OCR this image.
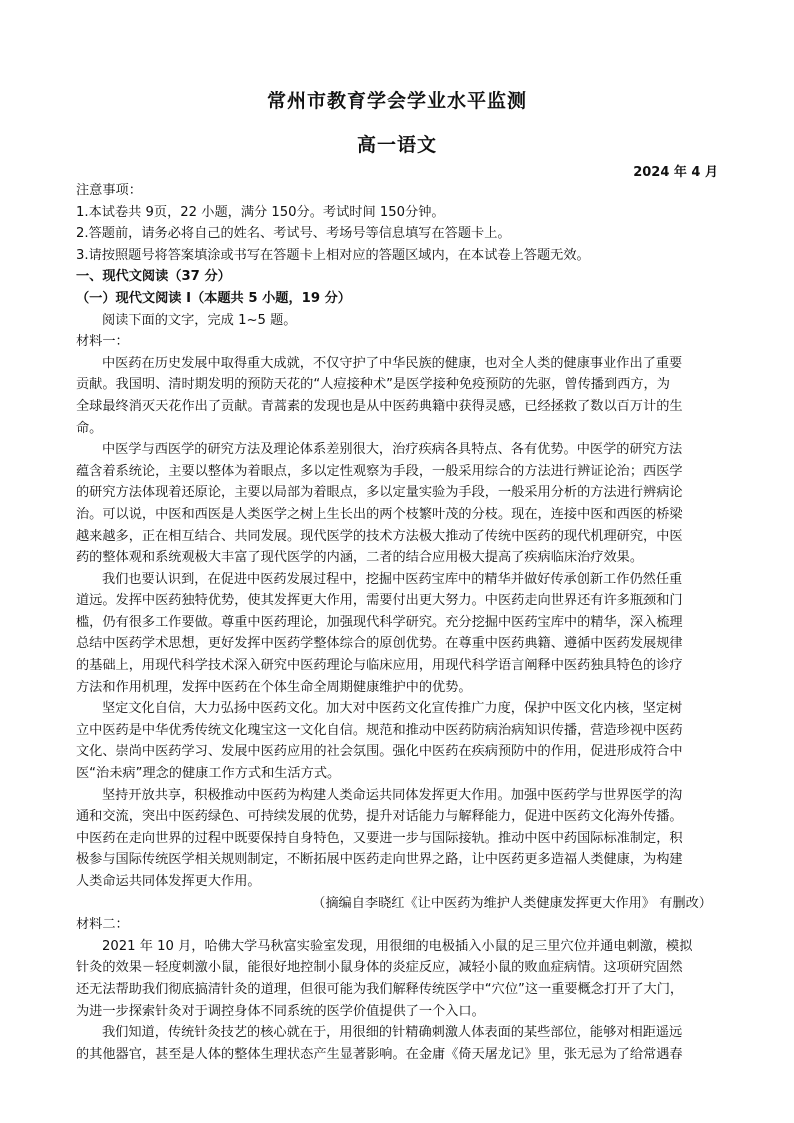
常州市教育学会学业水平监测
高一语文
2024 年 4 月
注意事项：
1.本试卷共 9页，22 小题，满分 150分。考试时间 150分钟。
2.答题前，请务必将自己的姓名、考试号、考场号等信息填写在答题卡上。
3.请按照题号将答案填涂或书写在答题卡上相对应的答题区域内，在本试卷上答题无效。
一、现代文阅读（37 分）
（一）现代文阅读 I（本题共 5 小题，19 分）
阅读下面的文字，完成 1~5 题。
材料一：
中医药在历史发展中取得重大成就，不仅守护了中华民族的健康，也对全人类的健康事业作出了重要
贡献。我国明、清时期发明的预防天花的“人痘接种术”是医学接种免疫预防的先驱，曾传播到西方，为
全球最终消灭天花作出了贡献。青蒿素的发现也是从中医药典籍中获得灵感，已经拯救了数以百万计的生
命。
中医学与西医学的研究方法及理论体系差别很大，治疗疾病各具特点、各有优势。中医学的研究方法
蕴含着系统论，主要以整体为着眼点，多以定性观察为手段，一般采用综合的方法进行辨证论治；西医学
的研究方法体现着还原论，主要以局部为着眼点，多以定量实验为手段，一般采用分析的方法进行辨病论
治。可以说，中医和西医是人类医学之树上生长出的两个枝繁叶茂的分枝。现在，连接中医和西医的桥梁
越来越多，正在相互结合、共同发展。现代医学的技术方法极大推动了传统中医药的现代机理研究，中医
药的整体观和系统观极大丰富了现代医学的内涵，二者的结合应用极大提高了疾病临床治疗效果。
我们也要认识到，在促进中医药发展过程中，挖掘中医药宝库中的精华并做好传承创新工作仍然任重
道远。发挥中医药独特优势，使其发挥更大作用，需要付出更大努力。中医药走向世界还有许多瓶颈和门
槛，仍有很多工作要做。尊重中医药理论，加强现代科学研究。充分挖掘中医药宝库中的精华，深入梳理
总结中医药学术思想，更好发挥中医药学整体综合的原创优势。在尊重中医药典籍、遵循中医药发展规律
的基础上，用现代科学技术深入研究中医药理论与临床应用，用现代科学语言阐释中医药独具特色的诊疗
方法和作用机理，发挥中医药在个体生命全周期健康维护中的优势。
坚定文化自信，大力弘扬中医药文化。加大对中医药文化宣传推广力度，保护中医文化内核，坚定树
立中医药是中华优秀传统文化瑰宝这一文化自信。规范和推动中医药防病治病知识传播，营造珍视中医药
文化、崇尚中医药学习、发展中医药应用的社会氛围。强化中医药在疾病预防中的作用，促进形成符合中
医“治未病”理念的健康工作方式和生活方式。
坚持开放共享，积极推动中医药为构建人类命运共同体发挥更大作用。加强中医药学与世界医学的沟
通和交流，突出中医药绿色、可持续发展的优势，提升对话能力与解释能力，促进中医药文化海外传播。
中医药在走向世界的过程中既要保持自身特色，又要进一步与国际接轨。推动中医中药国际标准制定，积
极参与国际传统医学相关规则制定，不断拓展中医药走向世界之路，让中医药更多造福人类健康，为构建
人类命运共同体发挥更大作用。
（摘编自李晓红《让中医药为维护人类健康发挥更大作用》 有删改）
材料二：
2021 年 10 月，哈佛大学马秋富实验室发现，用很细的电极插入小鼠的足三里穴位并通电刺激，模拟
针灸的效果－轻度刺激小鼠，能很好地控制小鼠身体的炎症反应，减轻小鼠的败血症病情。这项研究固然
还无法帮助我们彻底搞清针灸的道理，但很可能为我们解释传统医学中“穴位”这一重要概念打开了大门，
为进一步探索针灸对于调控身体不同系统的医学价值提供了一个入口。
我们知道，传统针灸技艺的核心就在于，用很细的针精确刺激人体表面的某些部位，能够对相距遥远
的其他器官，甚至是人体的整体生理状态产生显著影响。在金庸《倚天屠龙记》里，张无忌为了给常遇春
